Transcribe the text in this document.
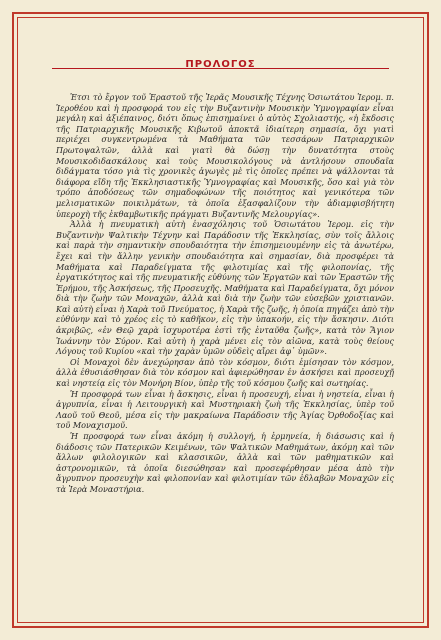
ΠΡΟΛΟΓΟΣ

Ἐτσι τὸ ἔργον τοῦ Ἐραστοῦ τῆς Ἱερᾶς Μουσικῆς Τέχνης Ὁσιωτάτου Ἱερομ. π. Ἱεροθέου καὶ ἡ προσφορά του εἰς τὴν Βυζαντινὴν Μουσικὴν Ὑμνογραφίαν εἶναι μεγάλη καὶ ἀξιέπαινος, διότι ὅπως ἐπισημαίνει ὁ αὐτὸς Σχολιαστής, «ἡ ἔκδοσις τῆς Πατριαρχικῆς Μουσικῆς Κιβωτοῦ ἀποκτᾶ ἰδιαίτερη σημασία, ὄχι γιατὶ περιέχει συγκεντρωμένα τὰ Μαθήματα τῶν τεσσάρων Πατριαρχικῶν Πρωτοψαλτῶν, ἀλλὰ καὶ γιατὶ θὰ δώσῃ τὴν δυνατότητα στοὺς Μουσικοδιδασκάλους καὶ τοὺς Μουσικολόγους νὰ ἀντλήσουν σπουδαῖα διδάγματα τόσο γιὰ τὶς χρονικὲς ἀγωγὲς μὲ τὶς ὁποῖες πρέπει νὰ ψάλλονται τὰ διάφορα εἴδη τῆς Ἐκκλησιαστικῆς Ὑμνογραφίας καὶ Μουσικῆς, ὅσο καὶ γιὰ τὸν τρόπο ἀποδόσεως τῶν σημαδοφώνων τῆς ποιότητος καὶ γενικότερα τῶν μελισματικῶν ποικιλμάτων, τὰ ὁποῖα ἐξασφαλίζουν τὴν ἀδιαμφισβήτητη ὑπεροχὴ τῆς ἐκθαμβωτικῆς πράγματι Βυζαντινῆς Μελουργίας».

Ἀλλὰ ἡ πνευματικὴ αὐτὴ ἐνασχόλησις τοῦ Ὁσιωτάτου Ἱερομ. εἰς τὴν Βυζαντινὴν Ψαλτικὴν Τέχνην καὶ Παράδοσιν τῆς Ἐκκλησίας, σὺν τοῖς ἄλλοις καὶ παρὰ τὴν σημαντικὴν σπουδαιότητα τὴν ἐπισημειουμένην εἰς τὰ ἀνωτέρω, ἔχει καὶ τὴν ἄλλην γενικὴν σπουδαιότητα καὶ σημασίαν, διὰ προσφέρει τὰ Μαθήματα καὶ Παραδείγματα τῆς φιλοτιμίας καὶ τῆς φιλοπονίας, τῆς ἐργατικότητος καὶ τῆς πνευματικῆς εὐθύνης τῶν Ἐργατῶν καὶ τῶν Ἐραστῶν τῆς Ἐρήμου, τῆς Ἀσκήσεως, τῆς Προσευχῆς. Μαθήματα καὶ Παραδείγματα, ὄχι μόνον διὰ τὴν ζωὴν τῶν Μοναχῶν, ἀλλὰ καὶ διὰ τὴν ζωὴν τῶν εὐσεβῶν χριστιανῶν. Καὶ αὐτὴ εἶναι ἡ Χαρὰ τοῦ Πνεύματος, ἡ Χαρὰ τῆς ζωῆς, ἡ ὁποία πηγάζει ἀπὸ τὴν εὐθύνην καὶ τὸ χρέος εἰς τὸ καθῆκον, εἰς τὴν ὑπακοήν, εἰς τὴν ἄσκησιν. Διότι ἀκριβῶς, «ἐν Θεῷ χαρὰ ἰσχυροτέρα ἐστὶ τῆς ἐνταῦθα ζωῆς», κατὰ τὸν Ἅγιον Ἰωάννην τὸν Σύρον. Καὶ αὐτὴ ἡ χαρὰ μένει εἰς τὸν αἰῶνα, κατὰ τοὺς θείους Λόγους τοῦ Κυρίου «καὶ τὴν χαρὰν ὑμῶν οὐδεὶς αἴρει ἀφ᾿ ὑμῶν».

Οἱ Μοναχοὶ δὲν ἀνεχώρησαν ἀπὸ τὸν κόσμον, διότι ἐμίσησαν τὸν κόσμον, ἀλλὰ ἐθυσιάσθησαν διὰ τὸν κόσμον καὶ ἀφιερώθησαν ἐν ἀσκήσει καὶ προσευχῇ καὶ νηστείᾳ εἰς τὸν Μονήρη Βίον, ὑπὲρ τῆς τοῦ κόσμου ζωῆς καὶ σωτηρίας.

Ἡ προσφορά των εἶναι ἡ ἄσκησις, εἶναι ἡ προσευχή, εἶναι ἡ νηστεία, εἶναι ἡ ἀγρυπνία, εἶναι ἡ Λειτουργικὴ καὶ Μυστηριακὴ ζωὴ τῆς Ἐκκλησίας, ὑπὲρ τοῦ Λαοῦ τοῦ Θεοῦ, μέσα εἰς τὴν μακραίωνα Παράδοσιν τῆς Ἁγίας Ὀρθοδοξίας καὶ τοῦ Μοναχισμοῦ.

Ἡ προσφορά των εἶναι ἀκόμη ἡ συλλογή, ἡ ἑρμηνεία, ἡ διάσωσις καὶ ἡ διάδοσις τῶν Πατερικῶν Κειμένων, τῶν Ψαλτικῶν Μαθημάτων, ἀκόμη καὶ τῶν ἄλλων φιλολογικῶν καὶ κλασσικῶν, ἀλλὰ καὶ τῶν μαθηματικῶν καὶ ἀστρονομικῶν, τὰ ὁποῖα διεσώθησαν καὶ προσεφέρθησαν μέσα ἀπὸ τὴν ἄγρυπνον προσευχὴν καὶ φιλοπονίαν καὶ φιλοτιμίαν τῶν ἐδλαβῶν Μοναχῶν εἰς τὰ Ἱερὰ Μοναστήρια.
